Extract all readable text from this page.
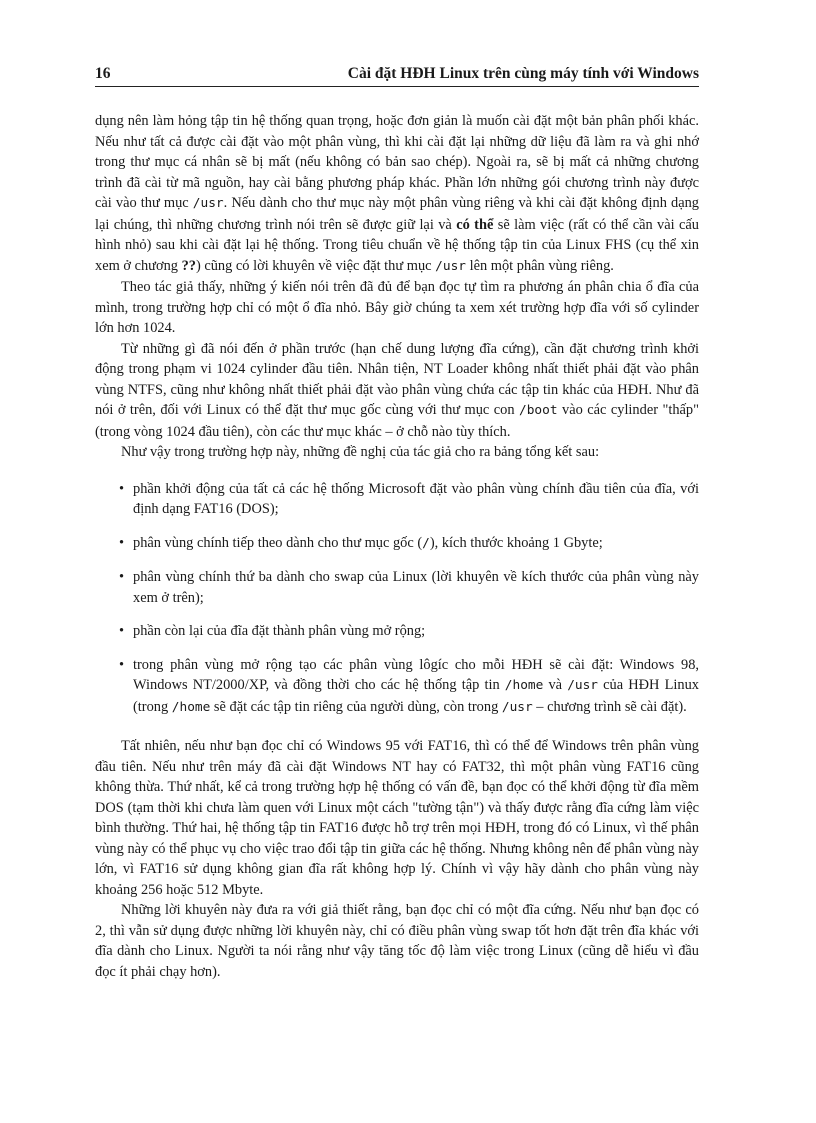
16	Cài đặt HĐH Linux trên cùng máy tính với Windows

dụng nên làm hỏng tập tin hệ thống quan trọng, hoặc đơn giản là muốn cài đặt một bản phân phối khác. Nếu như tất cả được cài đặt vào một phân vùng, thì khi cài đặt lại những dữ liệu đã làm ra và ghi nhớ trong thư mục cá nhân sẽ bị mất (nếu không có bản sao chép). Ngoài ra, sẽ bị mất cả những chương trình đã cài từ mã nguồn, hay cài bằng phương pháp khác. Phần lớn những gói chương trình này được cài vào thư mục /usr. Nếu dành cho thư mục này một phân vùng riêng và khi cài đặt không định dạng lại chúng, thì những chương trình nói trên sẽ được giữ lại và có thể sẽ làm việc (rất có thể cần vài cấu hình nhỏ) sau khi cài đặt lại hệ thống. Trong tiêu chuẩn về hệ thống tập tin của Linux FHS (cụ thể xin xem ở chương ??) cũng có lời khuyên về việc đặt thư mục /usr lên một phân vùng riêng.

Theo tác giả thấy, những ý kiến nói trên đã đủ để bạn đọc tự tìm ra phương án phân chia ổ đĩa của mình, trong trường hợp chỉ có một ổ đĩa nhỏ. Bây giờ chúng ta xem xét trường hợp đĩa với số cylinder lớn hơn 1024.

Từ những gì đã nói đến ở phần trước (hạn chế dung lượng đĩa cứng), cần đặt chương trình khởi động trong phạm vi 1024 cylinder đầu tiên. Nhân tiện, NT Loader không nhất thiết phải đặt vào phân vùng NTFS, cũng như không nhất thiết phải đặt vào phân vùng chứa các tập tin khác của HĐH. Như đã nói ở trên, đối với Linux có thể đặt thư mục gốc cùng với thư mục con /boot vào các cylinder "thấp" (trong vòng 1024 đầu tiên), còn các thư mục khác – ở chỗ nào tùy thích.

Như vậy trong trường hợp này, những đề nghị của tác giả cho ra bảng tổng kết sau:

• phần khởi động của tất cả các hệ thống Microsoft đặt vào phân vùng chính đầu tiên của đĩa, với định dạng FAT16 (DOS);
• phân vùng chính tiếp theo dành cho thư mục gốc (/), kích thước khoảng 1 Gbyte;
• phân vùng chính thứ ba dành cho swap của Linux (lời khuyên về kích thước của phân vùng này xem ở trên);
• phần còn lại của đĩa đặt thành phân vùng mở rộng;
• trong phân vùng mở rộng tạo các phân vùng lôgíc cho mỗi HĐH sẽ cài đặt: Windows 98, Windows NT/2000/XP, và đồng thời cho các hệ thống tập tin /home và /usr của HĐH Linux (trong /home sẽ đặt các tập tin riêng của người dùng, còn trong /usr – chương trình sẽ cài đặt).

Tất nhiên, nếu như bạn đọc chỉ có Windows 95 với FAT16, thì có thể để Windows trên phân vùng đầu tiên. Nếu như trên máy đã cài đặt Windows NT hay có FAT32, thì một phân vùng FAT16 cũng không thừa. Thứ nhất, kể cả trong trường hợp hệ thống có vấn đề, bạn đọc có thể khởi động từ đĩa mềm DOS (tạm thời khi chưa làm quen với Linux một cách "tường tận") và thấy được rằng đĩa cứng làm việc bình thường. Thứ hai, hệ thống tập tin FAT16 được hỗ trợ trên mọi HĐH, trong đó có Linux, vì thế phân vùng này có thể phục vụ cho việc trao đổi tập tin giữa các hệ thống. Nhưng không nên để phân vùng này lớn, vì FAT16 sử dụng không gian đĩa rất không hợp lý. Chính vì vậy hãy dành cho phân vùng này khoảng 256 hoặc 512 Mbyte.

Những lời khuyên này đưa ra với giả thiết rằng, bạn đọc chỉ có một đĩa cứng. Nếu như bạn đọc có 2, thì vẫn sử dụng được những lời khuyên này, chỉ có điều phân vùng swap tốt hơn đặt trên đĩa khác với đĩa dành cho Linux. Người ta nói rằng như vậy tăng tốc độ làm việc trong Linux (cũng dễ hiểu vì đầu đọc ít phải chạy hơn).
